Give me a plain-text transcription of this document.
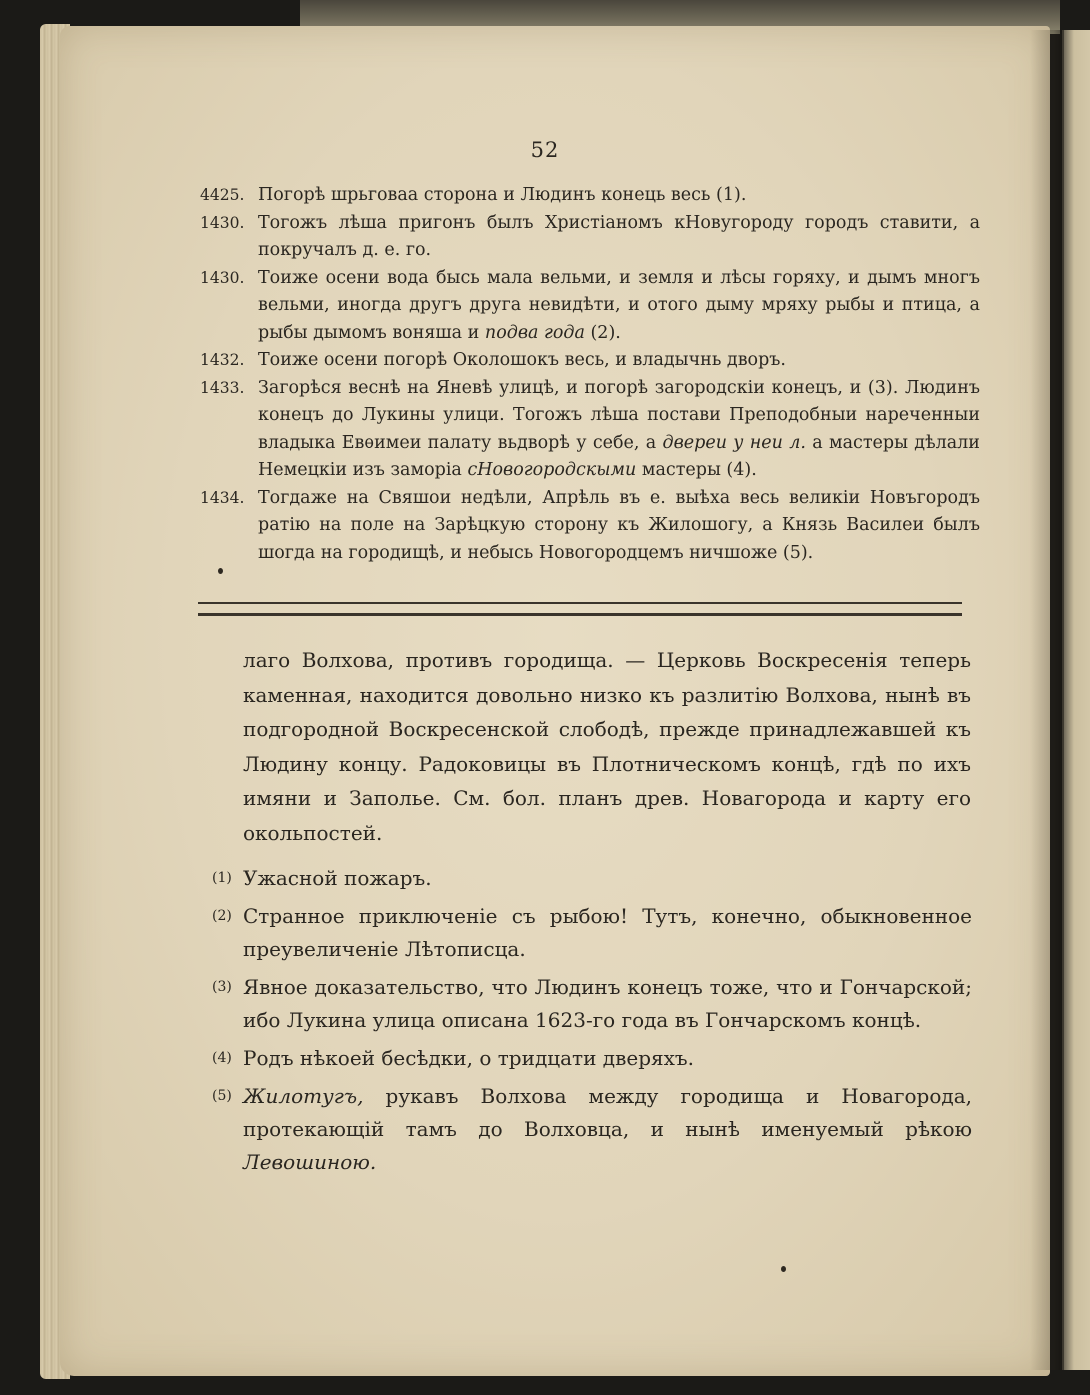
52
4425. Погорѣ шрьговаа сторона и Людинъ конець весь (1).
1430. Тогожъ лѣша пригонъ былъ Христіаномъ кНовугороду городъ ставити, а покручалъ д. е. го.
1430. Тоиже осени вода бысь мала вельми, и земля и лѣсы горяху, и дымъ многъ вельми, иногда другъ друга невидѣти, и отого дыму мряху рыбы и птица, а рыбы дымомъ воняша и подва года (2).
1432. Тоиже осени погорѣ Околошокъ весь, и владычнь дворъ.
1433. Загорѣся веснѣ на Яневѣ улицѣ, и погорѣ загородскіи конецъ, и (3). Людинъ конецъ до Лукины улици. Тогожъ лѣша постави Преподобныи нареченныи владыка Евѳимеи палату вьдворѣ у себе, а двереи у неи л. а мастеры дѣлали Немецкіи изъ заморіа сНовогородскыми мастеры (4).
1434. Тогдаже на Свяшои недѣли, Апрѣль въ е. выѣха весь великіи Новъгородъ ратію на поле на Зарѣцкую сторону къ Жилошогу, а Князь Василеи былъ шогда на городищѣ, и небысь Новогородцемъ ничшоже (5).
лаго Волхова, противъ городища. — Церковь Воскресенія теперь каменная, находится довольно низко къ разлитію Волхова, нынѣ въ подгородной Воскресенской слободѣ, прежде принадлежавшей къ Людину концу. Радоковицы въ Плотническомъ концѣ, гдѣ по ихъ имяни и Заполье. См. бол. планъ древ. Новагорода и карту его окольпостей.
(1) Ужасной пожаръ.
(2) Странное приключеніе съ рыбою! Тутъ, конечно, обыкновенное преувеличеніе Лѣтописца.
(3) Явное доказательство, что Людинъ конецъ тоже, что и Гончарской; ибо Лукина улица описана 1623-го года въ Гончарскомъ концѣ.
(4) Родъ нѣкоей бесѣдки, о тридцати дверяхъ.
(5) Жилотугъ, рукавъ Волхова между городища и Новагорода, протекающій тамъ до Волховца, и нынѣ именуемый рѣкою Левошиною.
